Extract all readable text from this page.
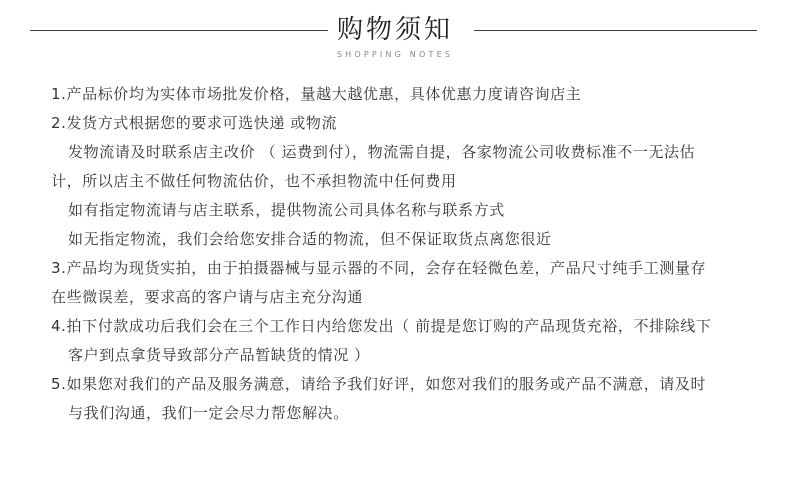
购物须知
SHOPPING NOTES
1.产品标价均为实体市场批发价格，量越大越优惠，具体优惠力度请咨询店主
2.发货方式根据您的要求可选快递 或物流
发物流请及时联系店主改价 （ 运费到付），物流需自提，各家物流公司收费标准不一无法估
计，所以店主不做任何物流估价，也不承担物流中任何费用
如有指定物流请与店主联系，提供物流公司具体名称与联系方式
如无指定物流，我们会给您安排合适的物流，但不保证取货点离您很近
3.产品均为现货实拍，由于拍摄器械与显示器的不同，会存在轻微色差，产品尺寸纯手工测量存
在些微误差，要求高的客户请与店主充分沟通
4.拍下付款成功后我们会在三个工作日内给您发出（ 前提是您订购的产品现货充裕，不排除线下
客户到点拿货导致部分产品暂缺货的情况 ）
5.如果您对我们的产品及服务满意，请给予我们好评，如您对我们的服务或产品不满意，请及时
与我们沟通，我们一定会尽力帮您解决。
